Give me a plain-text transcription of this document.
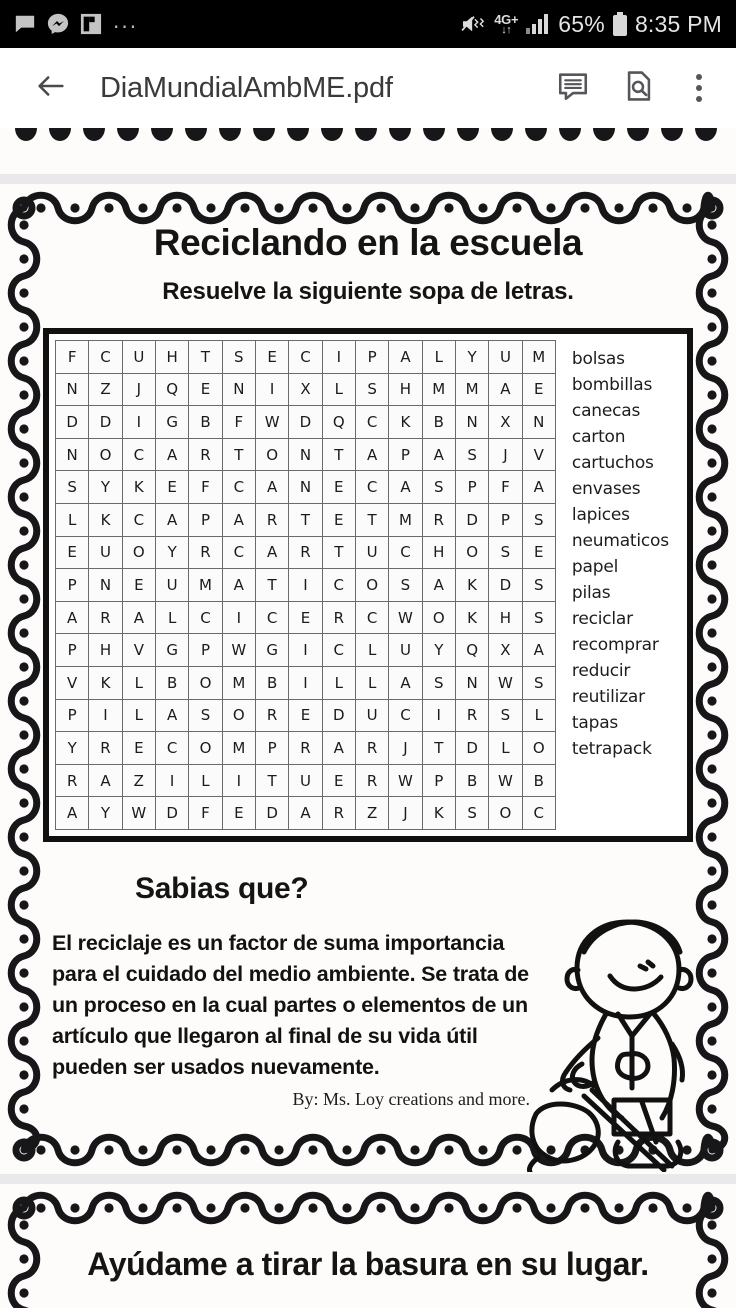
...	4G+
↓↑ 65% 8:35 PM
DiaMundialAmbME.pdf
Reciclando en la escuela
Resuelve la siguiente sopa de letras.
F	C	U	H	T	S	E	C	I	P	A	L	Y	U	M
N	Z	J	Q	E	N	I	X	L	S	H	M	M	A	E
D	D	I	G	B	F	W	D	Q	C	K	B	N	X	N
N	O	C	A	R	T	O	N	T	A	P	A	S	J	V
S	Y	K	E	F	C	A	N	E	C	A	S	P	F	A
L	K	C	A	P	A	R	T	E	T	M	R	D	P	S
E	U	O	Y	R	C	A	R	T	U	C	H	O	S	E
P	N	E	U	M	A	T	I	C	O	S	A	K	D	S
A	R	A	L	C	I	C	E	R	C	W	O	K	H	S
P	H	V	G	P	W	G	I	C	L	U	Y	Q	X	A
V	K	L	B	O	M	B	I	L	L	A	S	N	W	S
P	I	L	A	S	O	R	E	D	U	C	I	R	S	L
Y	R	E	C	O	M	P	R	A	R	J	T	D	L	O
R	A	Z	I	L	I	T	U	E	R	W	P	B	W	B
A	Y	W	D	F	E	D	A	R	Z	J	K	S	O	C
bolsas
bombillas
canecas
carton
cartuchos
envases
lapices
neumaticos
papel
pilas
reciclar
recomprar
reducir
reutilizar
tapas
tetrapack
Sabias que?
El reciclaje es un factor de suma importancia para el cuidado del medio ambiente. Se trata de un proceso en la cual partes o elementos de un artículo que llegaron al final de su vida útil pueden ser usados nuevamente.
By: Ms. Loy creations and more.
Ayúdame a tirar la basura en su lugar.
